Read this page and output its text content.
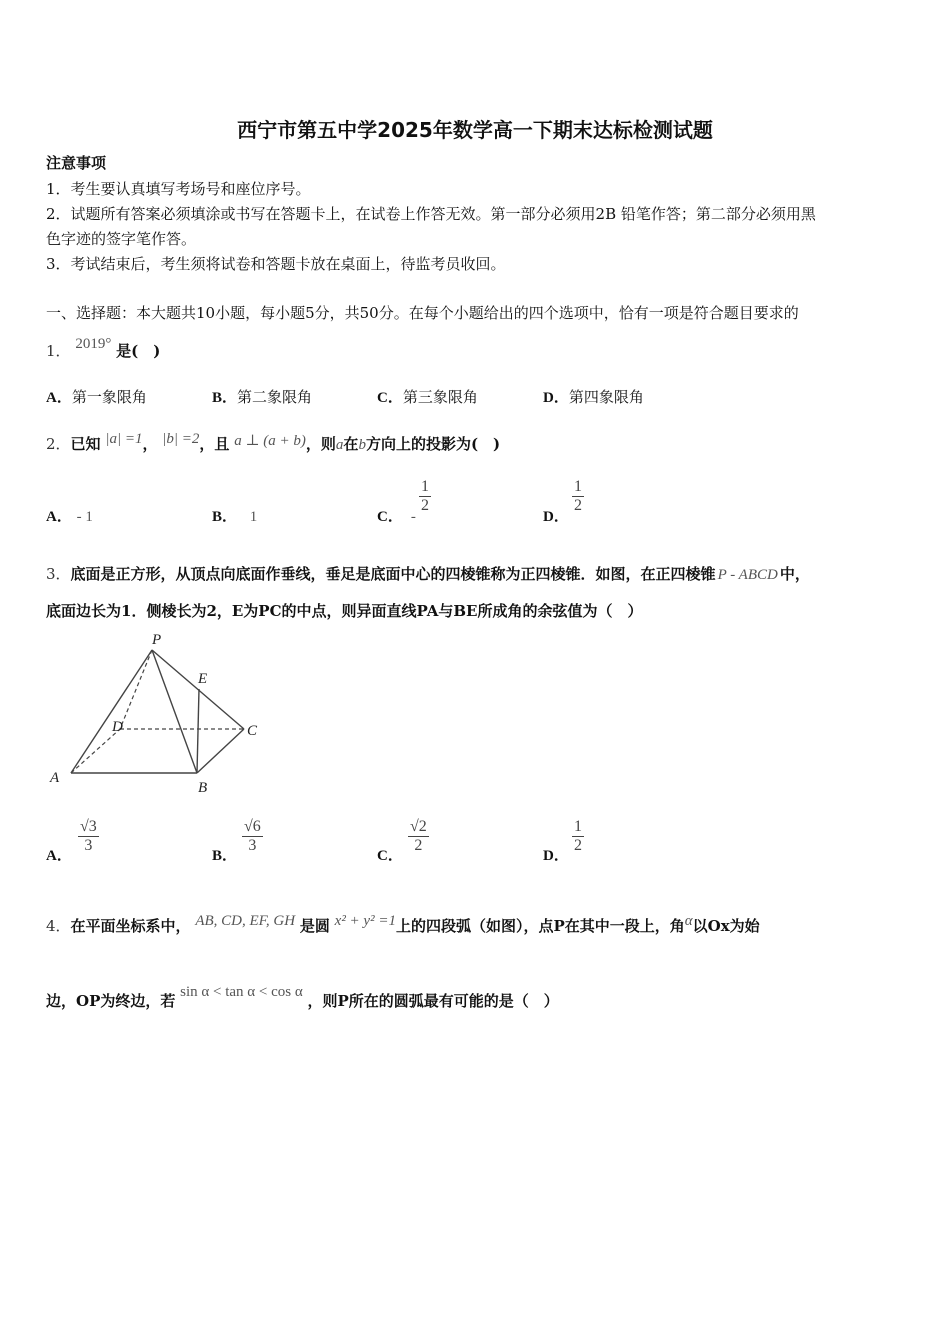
西宁市第五中学2025年数学高一下期末达标检测试题
注意事项
1．考生要认真填写考场号和座位序号。
2．试题所有答案必须填涂或书写在答题卡上，在试卷上作答无效。第一部分必须用2B 铅笔作答；第二部分必须用黑
色字迹的签字笔作答。
3．考试结束后，考生须将试卷和答题卡放在桌面上，待监考员收回。
一、选择题：本大题共10小题，每小题5分，共50分。在每个小题给出的四个选项中，恰有一项是符合题目要求的
1． 2019° 是(　)
A．第一象限角	B．第二象限角	C．第三象限角	D．第四象限角
2．已知 |a| =1， |b| =2，且 a ⊥ (a + b)，则a在b方向上的投影为(　)
A． - 1	B． 1	C． -
$\frac{1}{2}$
D．
$\frac{1}{2}$
3．底面是正方形，从顶点向底面作垂线，垂足是底面中心的四棱锥称为正四棱锥．如图，在正四棱锥 P - ABCD 中，
底面边长为1．侧棱长为2，E为PC的中点，则异面直线PA与BE所成角的余弦值为（　）
P
E
D	C
A
B
A．
$\frac{√3}{3}$
B．
$\frac{√6}{3}$
C．
$\frac{√2}{2}$
D．
$\frac{1}{2}$
4．在平面坐标系中， AB, CD, EF, GH 是圆 x² + y² =1上的四段弧（如图），点P在其中一段上，角α以Ox为始
边，OP为终边，若 sin α < tan α < cos α ，则P所在的圆弧最有可能的是（　）
